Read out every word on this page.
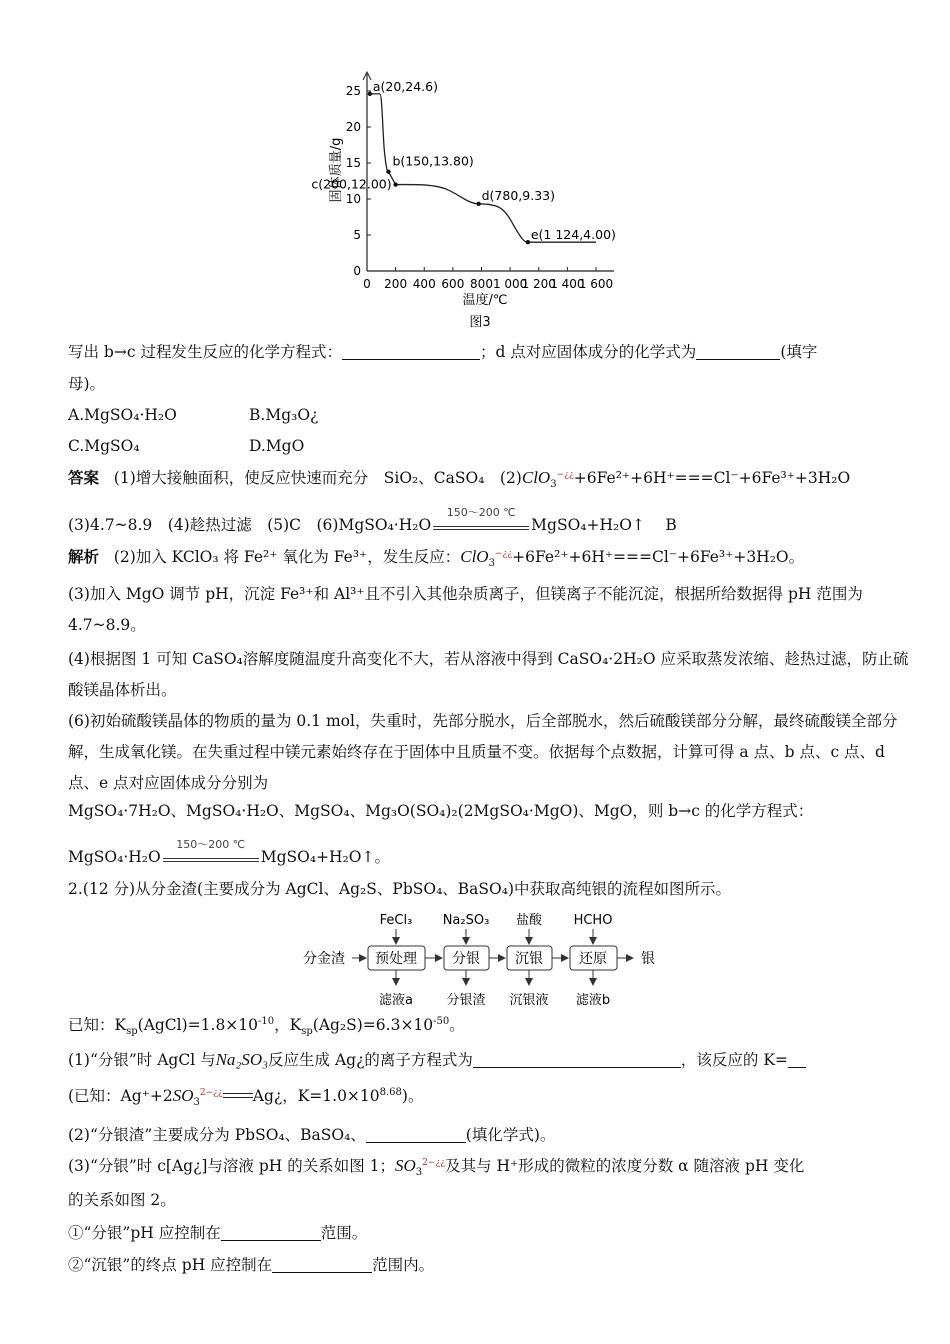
0 200 400 600 800 1 000
1 200
1 400
1 600
0
5
10
15
20
25 a(20,24.6)
b(150,13.80)
c(200,12.00)
d(780,9.33)
e(1 124,4.00)
温度/℃
图3
固体质量/g
写出 b→c 过程发生反应的化学方程式：	；d 点对应固体成分的化学式为	(填字
母)。
A.MgSO₄·H₂O	B.Mg₃O¿
C.MgSO₄	D.MgO
答案 (1)增大接触面积，使反应快速而充分　SiO₂、CaSO₄　(2)ClO$_3$−¿¿+6Fe²⁺+6H⁺===Cl⁻+6Fe³⁺+3H₂O
(3)4.7~8.9　(4)趁热过滤　(5)C　(6)MgSO₄·H₂O
150～200 ℃
MgSO₄+H₂O↑　 B
解析 (2)加入 KClO₃ 将 Fe²⁺ 氧化为 Fe³⁺，发生反应：ClO$_3$−¿¿+6Fe²⁺+6H⁺===Cl⁻+6Fe³⁺+3H₂O。
(3)加入 MgO 调节 pH，沉淀 Fe³⁺和 Al³⁺且不引入其他杂质离子，但镁离子不能沉淀，根据所给数据得 pH 范围为 4.7~8.9。
(4)根据图 1 可知 CaSO₄溶解度随温度升高变化不大，若从溶液中得到 CaSO₄·2H₂O 应采取蒸发浓缩、趁热过滤，防止硫酸镁晶体析出。
(6)初始硫酸镁晶体的物质的量为 0.1 mol，失重时，先部分脱水，后全部脱水，然后硫酸镁部分分解，最终硫酸镁全部分解，生成氧化镁。在失重过程中镁元素始终存在于固体中且质量不变。依据每个点数据，计算可得 a 点、b 点、c 点、d 点、e 点对应固体成分分别为
MgSO₄·7H₂O、MgSO₄·H₂O、MgSO₄、Mg₃O(SO₄)₂(2MgSO₄·MgO)、MgO，则 b→c 的化学方程式：
MgSO₄·H₂O
150～200 ℃
MgSO₄+H₂O↑。
2.(12 分)从分金渣(主要成分为 AgCl、Ag₂S、PbSO₄、BaSO₄)中获取高纯银的流程如图所示。
分金渣	银
预处理	分银	沉银	还原
FeCl₃ Na₂SO₃ 盐酸 HCHO
滤液a	分银渣 沉银液 滤液b
已知：$K_{sp}(AgCl)=1.8\times 10^{-10}$，$K_{sp}(Ag_2S)=6.3\times 10^{-50}$。
(1)“分银”时 AgCl 与Na₂SO₃反应生成 Ag¿的离子方程式为	，该反应的 K=
(已知：$Ag^++2SO_3^{2-¿¿}$ Ag¿，$K=1.0\times 10^{8.68}$)。
(2)“分银渣”主要成分为 PbSO₄、BaSO₄、	(填化学式)。
(3)“分银”时 c[Ag¿]与溶液 pH 的关系如图 1；$SO_3^{2-¿¿}$及其与 H⁺形成的微粒的浓度分数 α 随溶液 pH 变化
的关系如图 2。
①“分银”pH 应控制在	范围。
②“沉银”的终点 pH 应控制在	范围内。
